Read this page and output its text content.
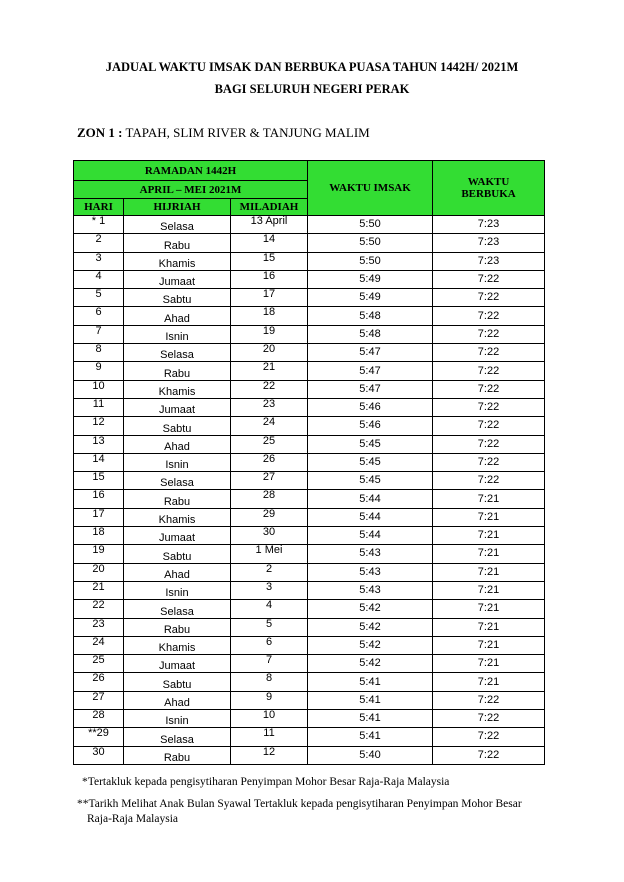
JADUAL WAKTU IMSAK DAN BERBUKA PUASA TAHUN 1442H/ 2021M
BAGI SELURUH NEGERI PERAK
ZON 1 : TAPAH, SLIM RIVER & TANJUNG MALIM
RAMADAN 1442H			WAKTU IMSAK	WAKTU
BERBUKA
APRIL – MEI 2021M				
HARI	HIJRIAH	MILADIAH		
* 1	Selasa	13 April	5:50	7:23
2	Rabu	14	5:50	7:23
3	Khamis	15	5:50	7:23
4	Jumaat	16	5:49	7:22
5	Sabtu	17	5:49	7:22
6	Ahad	18	5:48	7:22
7	Isnin	19	5:48	7:22
8	Selasa	20	5:47	7:22
9	Rabu	21	5:47	7:22
10	Khamis	22	5:47	7:22
11	Jumaat	23	5:46	7:22
12	Sabtu	24	5:46	7:22
13	Ahad	25	5:45	7:22
14	Isnin	26	5:45	7:22
15	Selasa	27	5:45	7:22
16	Rabu	28	5:44	7:21
17	Khamis	29	5:44	7:21
18	Jumaat	30	5:44	7:21
19	Sabtu	1 Mei	5:43	7:21
20	Ahad	2	5:43	7:21
21	Isnin	3	5:43	7:21
22	Selasa	4	5:42	7:21
23	Rabu	5	5:42	7:21
24	Khamis	6	5:42	7:21
25	Jumaat	7	5:42	7:21
26	Sabtu	8	5:41	7:21
27	Ahad	9	5:41	7:22
28	Isnin	10	5:41	7:22
**29	Selasa	11	5:41	7:22
30	Rabu	12	5:40	7:22
*Tertakluk kepada pengisytiharan Penyimpan Mohor Besar Raja-Raja Malaysia
**Tarikh Melihat Anak Bulan Syawal Tertakluk kepada pengisytiharan Penyimpan Mohor Besar
Raja-Raja Malaysia
